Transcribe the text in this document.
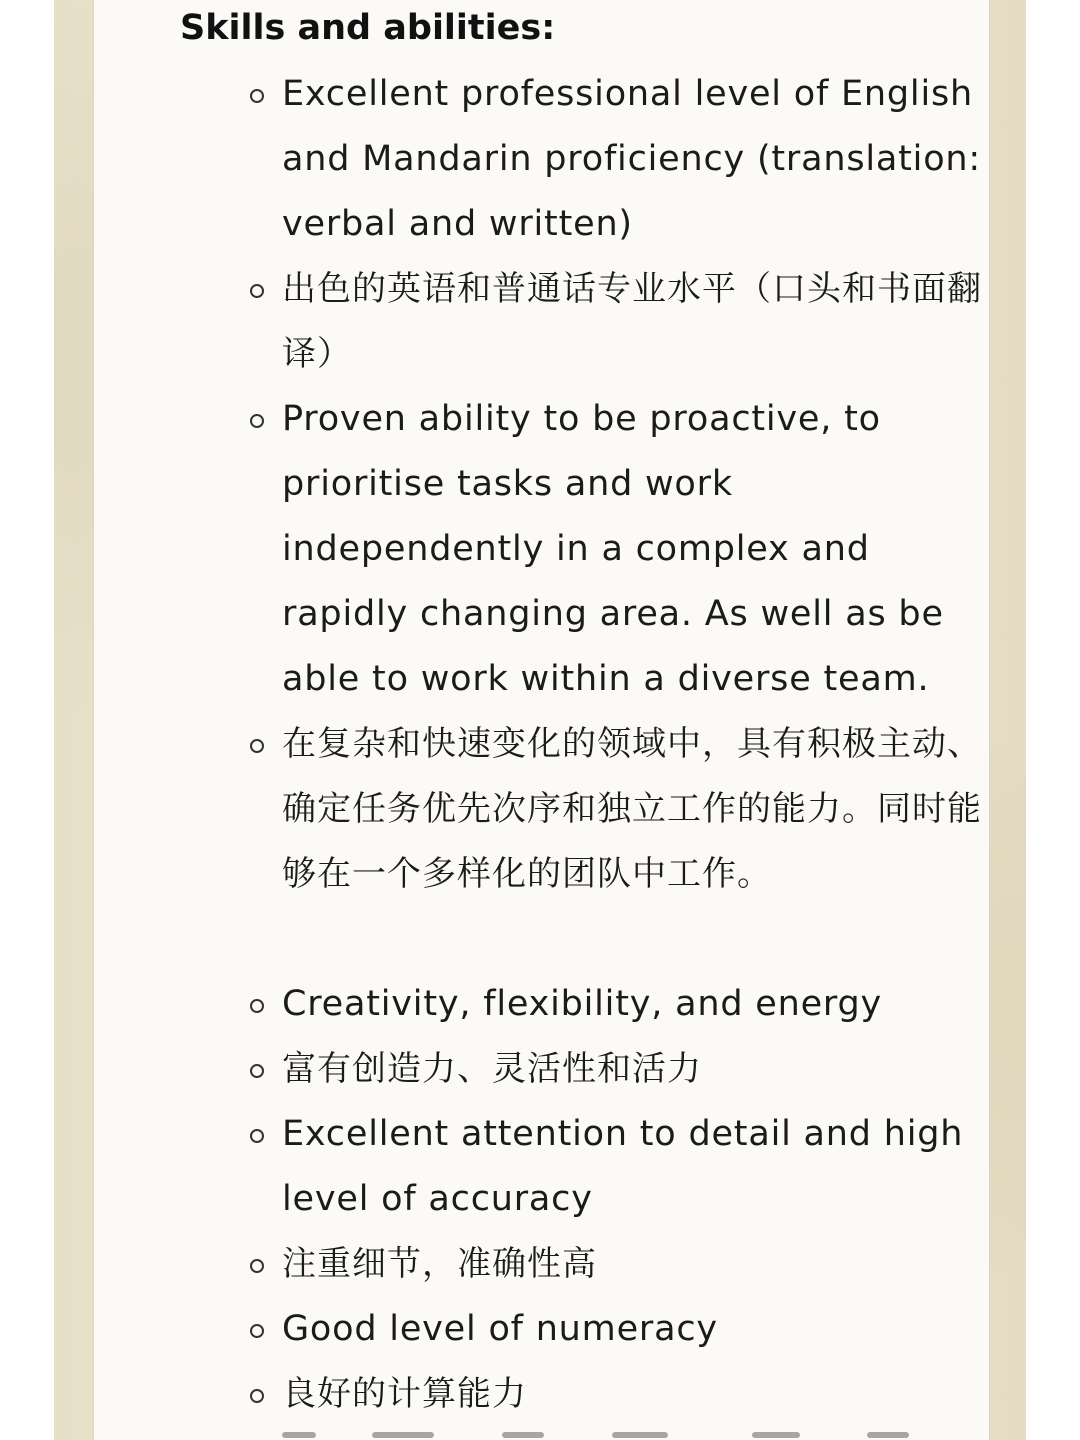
Skills and abilities:
Excellent professional level of English and Mandarin proficiency (translation: verbal and written)
出色的英语和普通话专业水平（口头和书面翻译）
Proven ability to be proactive, to prioritise tasks and work independently in a complex and rapidly changing area. As well as be able to work within a diverse team.
在复杂和快速变化的领域中，具有积极主动、确定任务优先次序和独立工作的能力。同时能够在一个多样化的团队中工作。
Creativity, flexibility, and energy
富有创造力、灵活性和活力
Excellent attention to detail and high level of accuracy
注重细节，准确性高
Good level of numeracy
良好的计算能力
